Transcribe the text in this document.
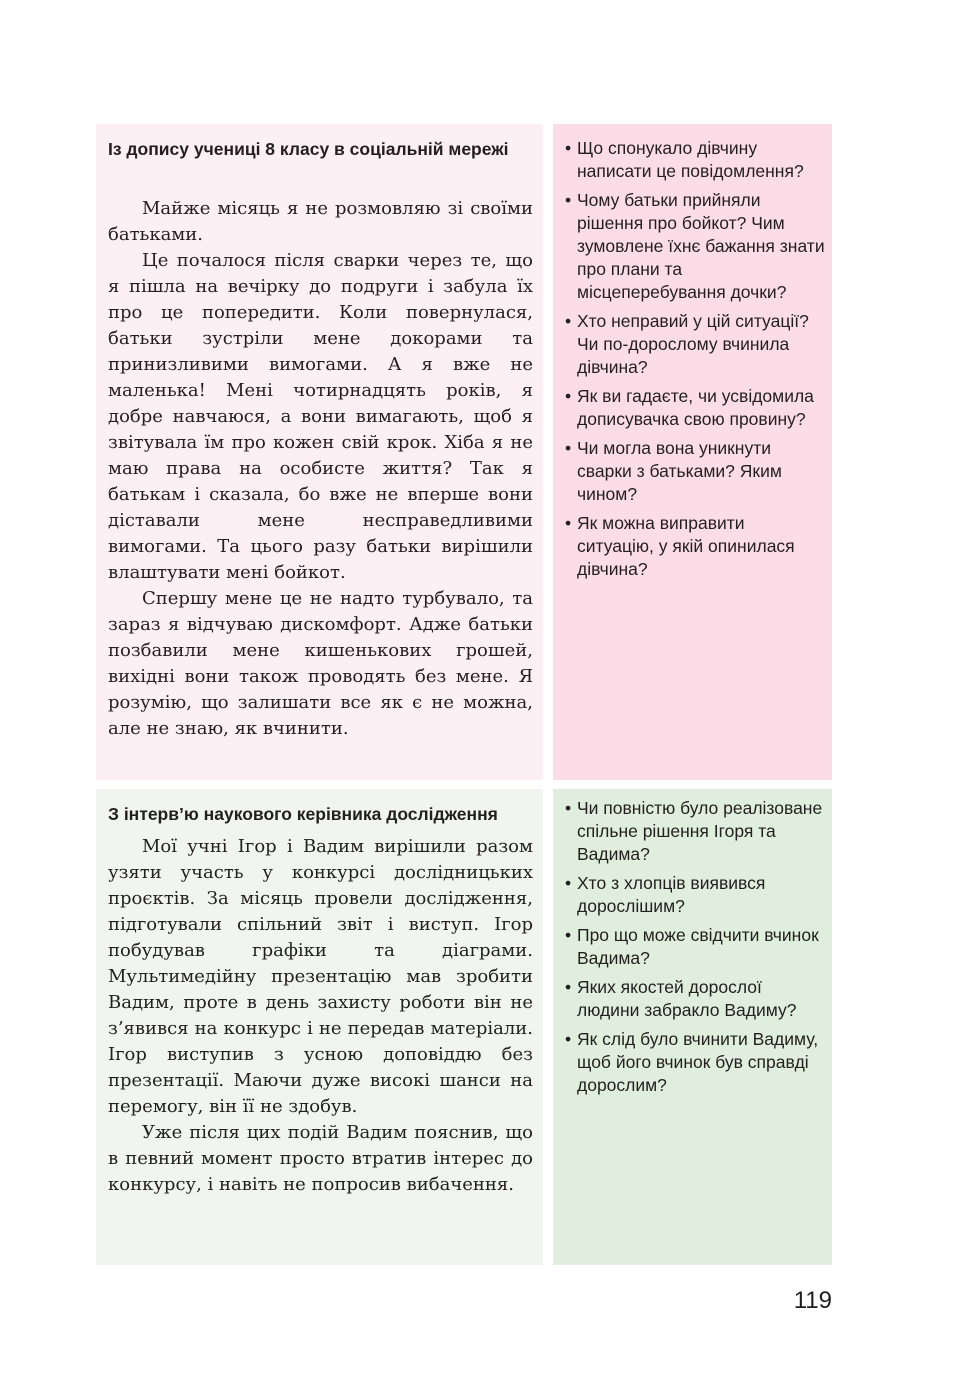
Із допису учениці 8 класу в соціальній мережі

Майже місяць я не розмовляю зі своїми батьками.

Це почалося після сварки через те, що я пішла на вечірку до подруги і забула їх про це попередити. Коли повернулася, батьки зустріли мене докорами та принизливими вимогами. А я вже не маленька! Мені чотирнадцять років, я добре навчаюся, а вони вимагають, щоб я звітувала їм про кожен свій крок. Хіба я не маю права на особисте життя? Так я батькам і сказала, бо вже не вперше вони діставали мене несправедливими вимогами. Та цього разу батьки вирішили влаштувати мені бойкот.

Спершу мене це не надто турбувало, та зараз я відчуваю дискомфорт. Адже батьки позбавили мене кишенькових грошей, вихідні вони також проводять без мене. Я розумію, що залишати все як є не можна, але не знаю, як вчинити.

• Що спонукало дівчину написати це повідомлення?
• Чому батьки прийняли рішення про бойкот? Чим зумовлене їхнє бажання знати про плани та місцеперебування дочки?
• Хто неправий у цій ситуації? Чи по-дорослому вчинила дівчина?
• Як ви гадаєте, чи усвідомила дописувачка свою провину?
• Чи могла вона уникнути сварки з батьками? Яким чином?
• Як можна виправити ситуацію, у якій опинилася дівчина?
З інтерв’ю наукового керівника дослідження

Мої учні Ігор і Вадим вирішили разом узяти участь у конкурсі дослідницьких проєктів. За місяць провели дослідження, підготували спільний звіт і виступ. Ігор побудував графіки та діаграми. Мультимедійну презентацію мав зробити Вадим, проте в день захисту роботи він не з’явився на конкурс і не передав матеріали. Ігор виступив з усною доповіддю без презентації. Маючи дуже високі шанси на перемогу, він її не здобув.

Уже після цих подій Вадим пояснив, що в певний момент просто втратив інтерес до конкурсу, і навіть не попросив вибачення.

• Чи повністю було реалізоване спільне рішення Ігоря та Вадима?
• Хто з хлопців виявився дорослішим?
• Про що може свідчити вчинок Вадима?
• Яких якостей дорослої людини забракло Вадиму?
• Як слід було вчинити Вадиму, щоб його вчинок був справді дорослим?
119
